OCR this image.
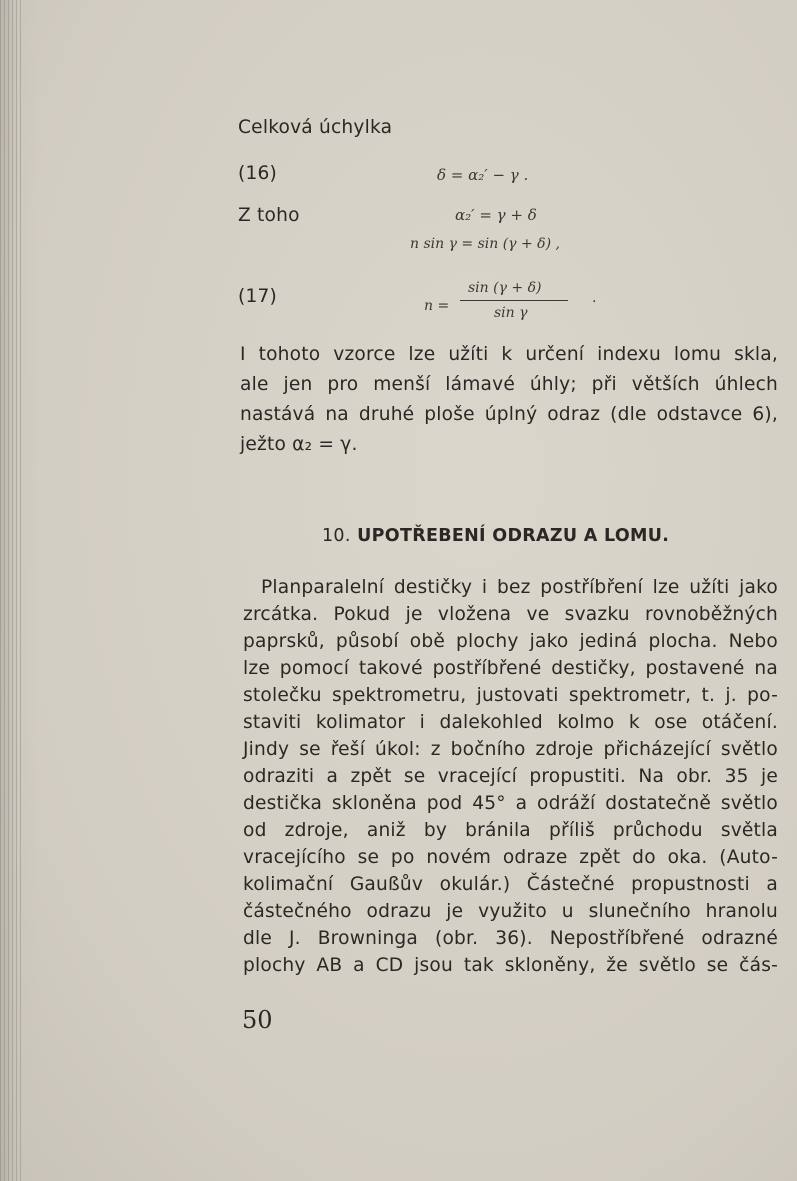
Celková úchylka
(16)	δ = α₂′ − γ .
Z toho	α₂′ = γ + δ
n sin γ = sin (γ + δ) ,
(17)	n =
sin (γ + δ)
sin γ
.
I tohoto vzorce lze užíti k určení indexu lomu skla,
ale jen pro menší lámavé úhly; při větších úhlech
nastává na druhé ploše úplný odraz (dle odstavce 6),
ježto α₂ = γ.
10. UPOTŘEBENÍ ODRAZU A LOMU.
Planparalelní destičky i bez postříbření lze užíti jako
zrcátka. Pokud je vložena ve svazku rovnoběžných
paprsků, působí obě plochy jako jediná plocha. Nebo
lze pomocí takové postříbřené destičky, postavené na
stolečku spektrometru, justovati spektrometr, t. j. po-
staviti kolimator i dalekohled kolmo k ose otáčení.
Jindy se řeší úkol: z bočního zdroje přicházející světlo
odraziti a zpět se vracející propustiti. Na obr. 35 je
destička skloněna pod 45° a odráží dostatečně světlo
od zdroje, aniž by bránila příliš průchodu světla
vracejícího se po novém odraze zpět do oka. (Auto-
kolimační Gaußův okulár.) Částečné propustnosti a
částečného odrazu je využito u slunečního hranolu
dle J. Browninga (obr. 36). Nepostříbřené odrazné
plochy AB a CD jsou tak skloněny, že světlo se čás-
50
